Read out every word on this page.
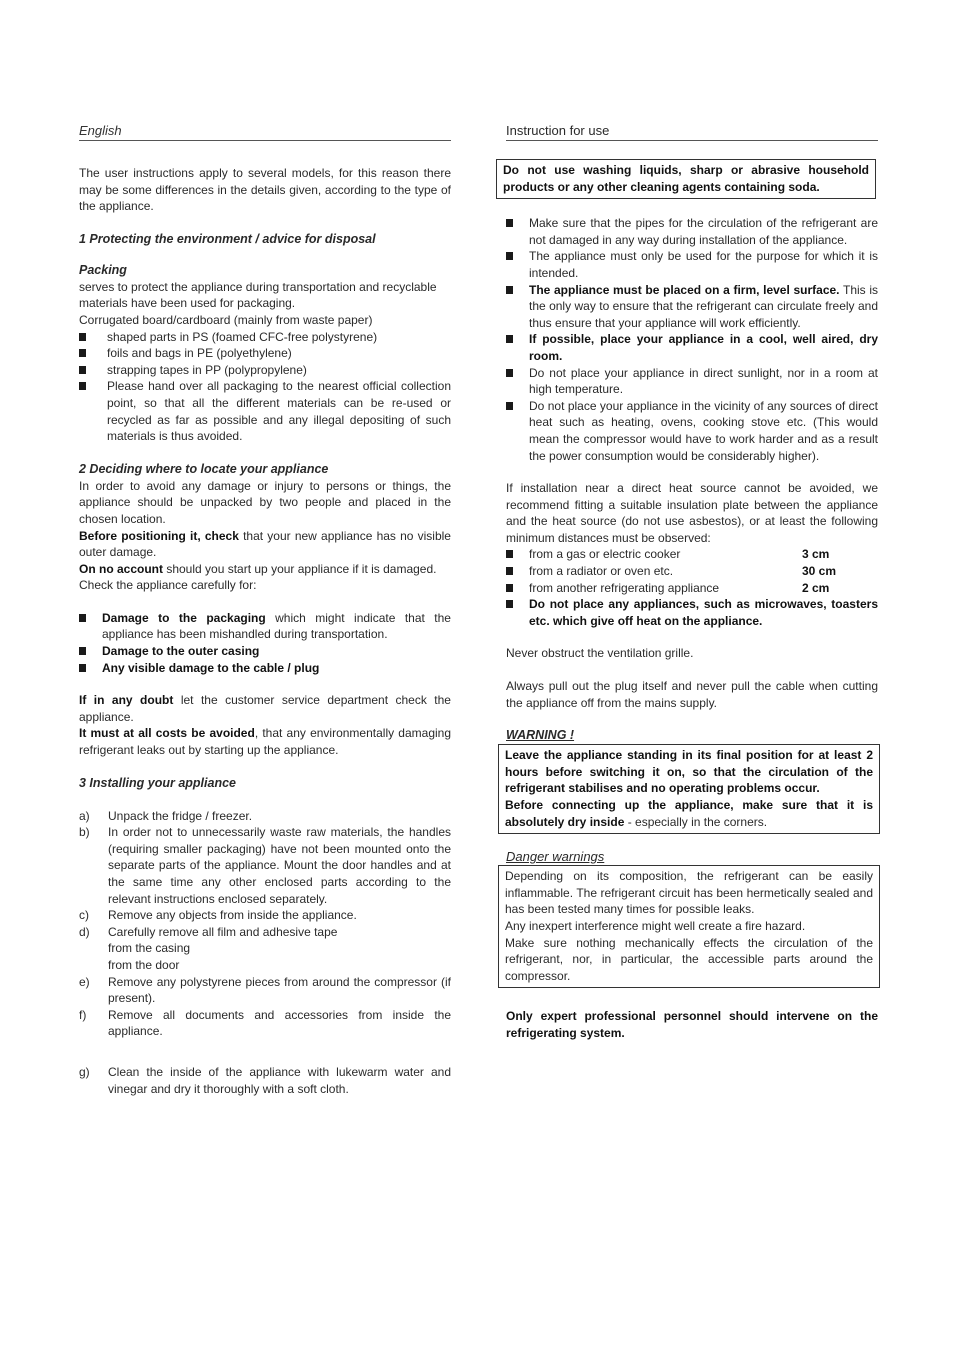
English

The user instructions apply to several models, for this reason there may be some differences in the details given, according to the type of the appliance.

1 Protecting the environment / advice for disposal

Packing

serves to protect the appliance during transportation and recyclable materials have been used for packaging.

Corrugated board/cardboard (mainly from waste paper)

shaped parts in PS (foamed CFC-free polystyrene)
foils and bags in PE (polyethylene)
strapping tapes in PP (polypropylene)
Please hand over all packaging to the nearest official collection point, so that all the different materials can be re-used or recycled as far as possible and any illegal depositing of such materials is thus avoided.

2 Deciding where to locate your appliance

In order to avoid any damage or injury to persons or things, the appliance should be unpacked by two people and placed in the chosen location.

Before positioning it, check that your new appliance has no visible outer damage.

On no account should you start up your appliance if it is damaged.

Check the appliance carefully for:

Damage to the packaging which might indicate that the appliance has been mishandled during transportation.
Damage to the outer casing
Any visible damage to the cable / plug

If in any doubt let the customer service department check the appliance.

It must at all costs be avoided, that any environmentally damaging refrigerant leaks out by starting up the appliance.

3 Installing your appliance

a) Unpack the fridge / freezer.

b) In order not to unnecessarily waste raw materials, the handles (requiring smaller packaging) have not been mounted onto the separate parts of the appliance. Mount the door handles and at the same time any other enclosed parts according to the relevant instructions enclosed separately.

c) Remove any objects from inside the appliance.

d) Carefully remove all film and adhesive tape

from the casing

from the door

e) Remove any polystyrene pieces from around the compressor (if present).

f) Remove all documents and accessories from inside the appliance.

g) Clean the inside of the appliance with lukewarm water and vinegar and dry it thoroughly with a soft cloth.

Instruction for use

Do not use washing liquids, sharp or abrasive household products or any other cleaning agents containing soda.

Make sure that the pipes for the circulation of the refrigerant are not damaged in any way during installation of the appliance.
The appliance must only be used for the purpose for which it is intended.
The appliance must be placed on a firm, level surface. This is the only way to ensure that the refrigerant can circulate freely and thus ensure that your appliance will work efficiently.
If possible, place your appliance in a cool, well aired, dry room.
Do not place your appliance in direct sunlight, nor in a room at high temperature.
Do not place your appliance in the vicinity of any sources of direct heat such as heating, ovens, cooking stove etc. (This would mean the compressor would have to work harder and as a result the power consumption would be considerably higher).

If installation near a direct heat source cannot be avoided, we recommend fitting a suitable insulation plate between the appliance and the heat source (do not use asbestos), or at least the following minimum distances must be observed:

from a gas or electric cooker	3 cm
from a radiator or oven etc.	30 cm
from another refrigerating appliance	2 cm
Do not place any appliances, such as microwaves, toasters etc. which give off heat on the appliance.

Never obstruct the ventilation grille.

Always pull out the plug itself and never pull the cable when cutting the appliance off from the mains supply.

WARNING !

Leave the appliance standing in its final position for at least 2 hours before switching it on, so that the circulation of the refrigerant stabilises and no operating problems occur.

Before connecting up the appliance, make sure that it is absolutely dry inside - especially in the corners.

Danger warnings

Depending on its composition, the refrigerant can be easily inflammable. The refrigerant circuit has been hermetically sealed and has been tested many times for possible leaks.

Any inexpert interference might well create a fire hazard.

Make sure nothing mechanically effects the circulation of the refrigerant, nor, in particular, the accessible parts around the compressor.

Only expert professional personnel should intervene on the refrigerating system.
